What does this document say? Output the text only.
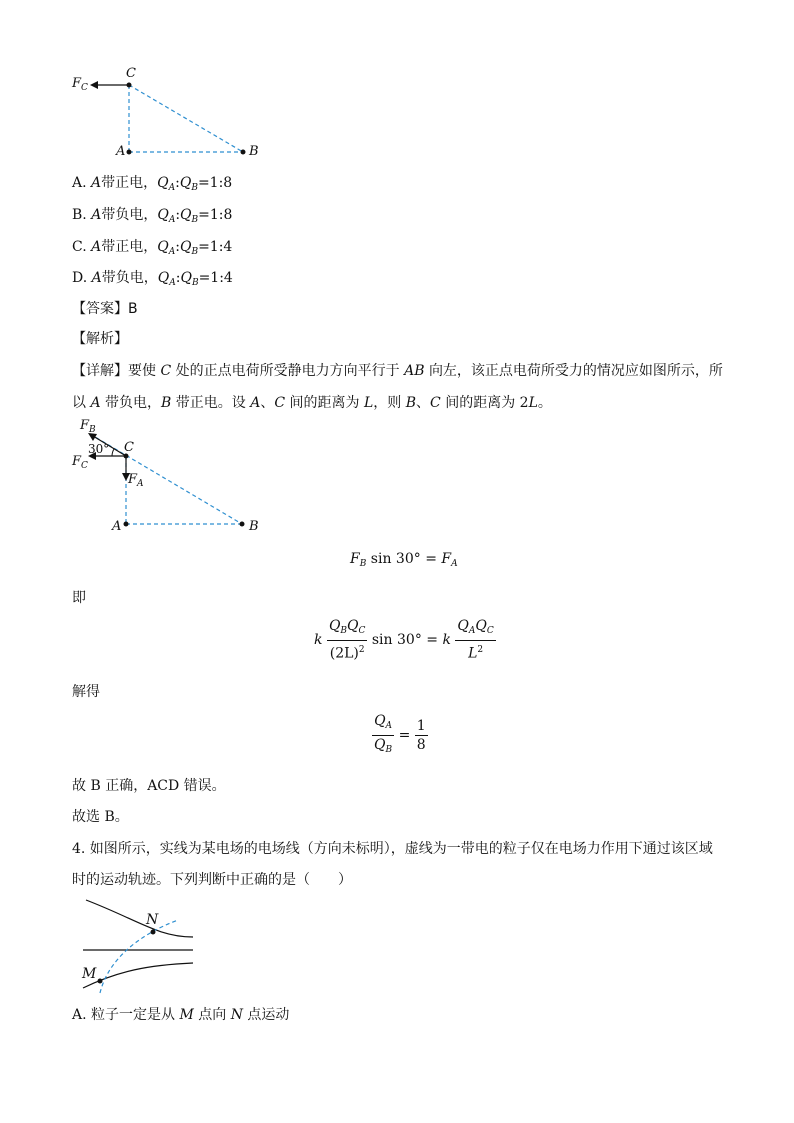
C
A	B
$F_C$
A. A带正电，$Q_A:Q_B=1:8$
B. A带负电，$Q_A:Q_B=1:8$
C. A带正电，$Q_A:Q_B=1:4$
D. A带负电，$Q_A:Q_B=1:4$
【答案】B
【解析】
【详解】要使 C 处的正点电荷所受静电力方向平行于 AB 向左，该正点电荷所受力的情况应如图所示，所
以 A 带负电，B 带正电。设 A、C 间的距离为 L，则 B、C 间的距离为 2L。
$F_B$
30°
$F_C$
C
$F_A$
A	B
$F_B$ $\sin 30^\circ = F_A$
即
k $\frac{Q_BQ_C}{(2L)^2}$ sin 30° = k $\frac{Q_AQ_C}{L^2}$
解得
$\frac{Q_A}{Q_B} = \frac{1}{8}$
故 B 正确，ACD 错误。
故选 B。
4. 如图所示，实线为某电场的电场线（方向未标明），虚线为一带电的粒子仅在电场力作用下通过该区域
时的运动轨迹。下列判断中正确的是（　　）
N
M
A. 粒子一定是从 M 点向 N 点运动
